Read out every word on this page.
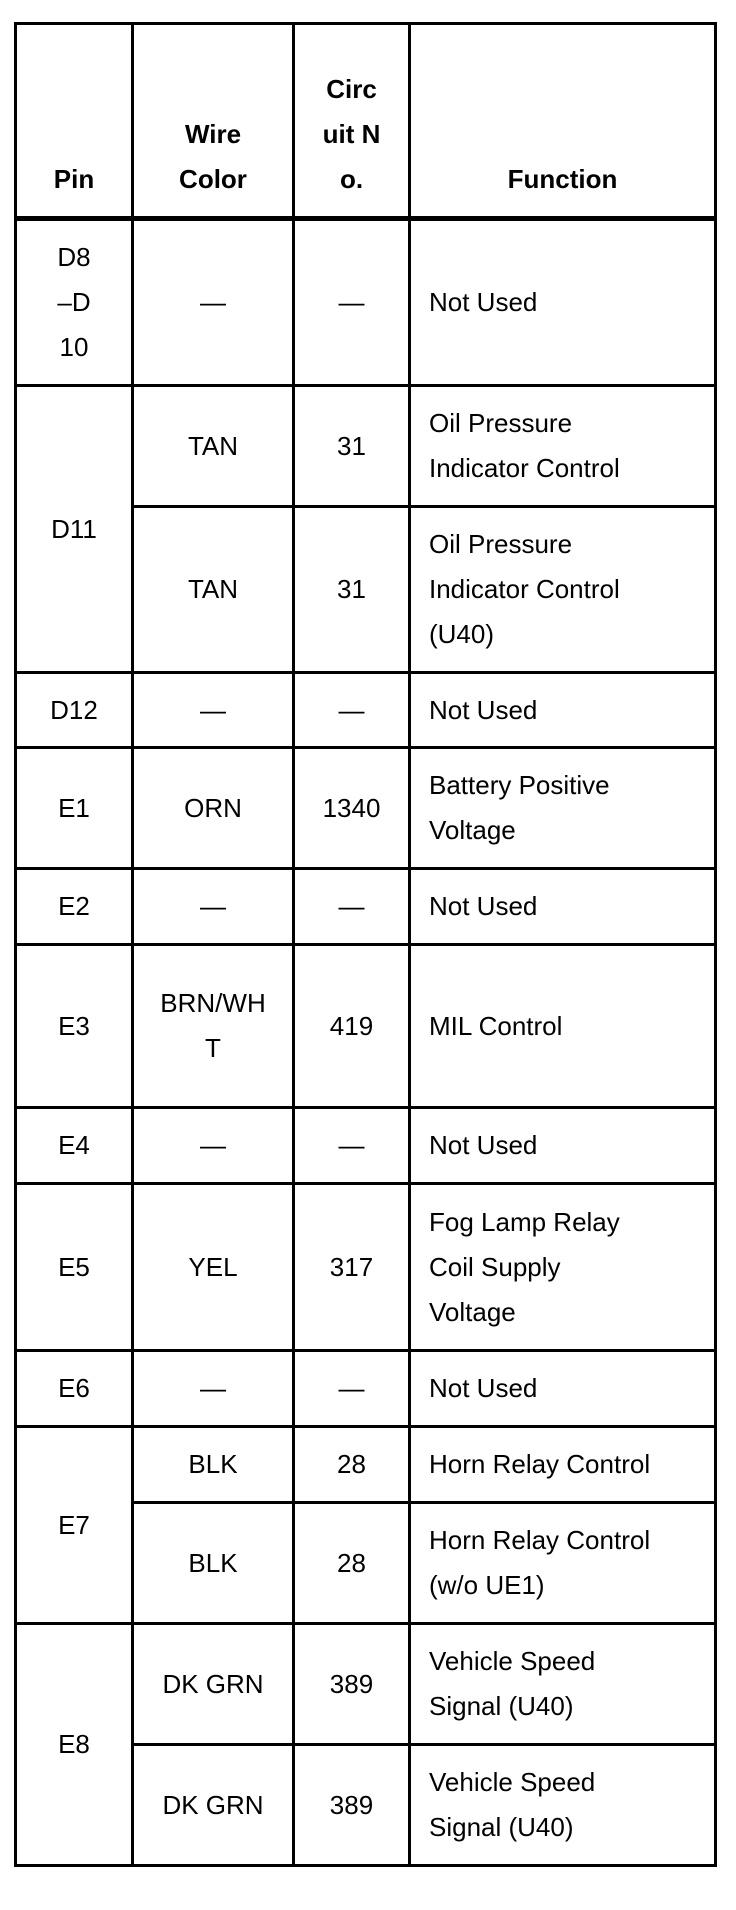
Pin	Wire Color	Circuit No.	Function
D8–D10	—	—	Not Used
D11	TAN	31	Oil Pressure Indicator Control
	TAN	31	Oil Pressure Indicator Control (U40)
D12	—	—	Not Used
E1	ORN	1340	Battery Positive Voltage
E2	—	—	Not Used
E3	BRN/WHT	419	MIL Control
E4	—	—	Not Used
E5	YEL	317	Fog Lamp Relay Coil Supply Voltage
E6	—	—	Not Used
E7	BLK	28	Horn Relay Control
	BLK	28	Horn Relay Control (w/o UE1)
E8	DK GRN	389	Vehicle Speed Signal (U40)
	DK GRN	389	Vehicle Speed Signal (U40)
